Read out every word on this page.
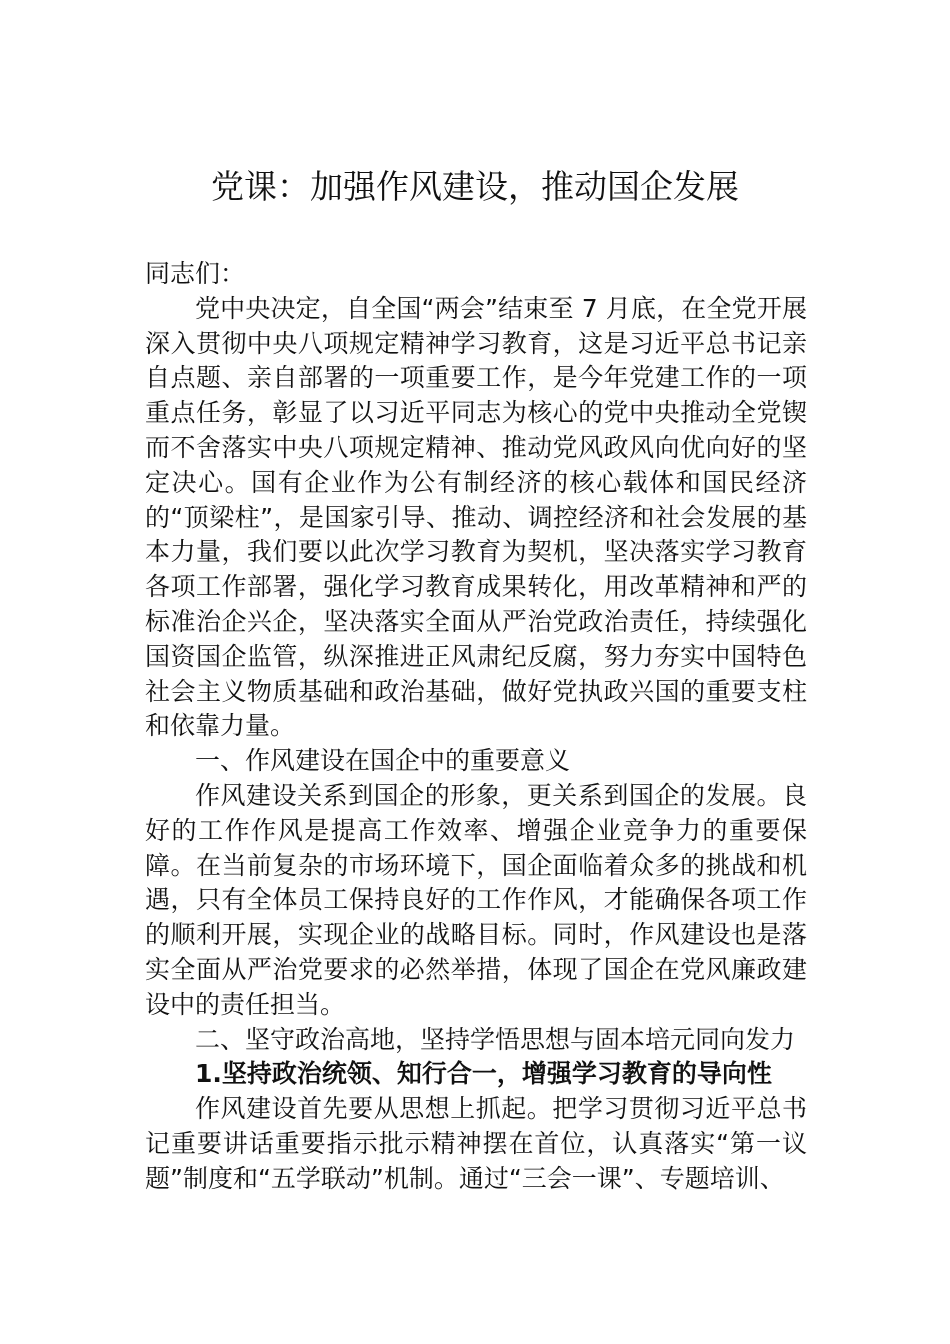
党课：加强作风建设，推动国企发展

同志们：

党中央决定，自全国“两会”结束至 7 月底，在全党开展深入贯彻中央八项规定精神学习教育，这是习近平总书记亲自点题、亲自部署的一项重要工作，是今年党建工作的一项重点任务，彰显了以习近平同志为核心的党中央推动全党锲而不舍落实中央八项规定精神、推动党风政风向优向好的坚定决心。国有企业作为公有制经济的核心载体和国民经济的“顶梁柱”，是国家引导、推动、调控经济和社会发展的基本力量，我们要以此次学习教育为契机，坚决落实学习教育各项工作部署，强化学习教育成果转化，用改革精神和严的标准治企兴企，坚决落实全面从严治党政治责任，持续强化国资国企监管，纵深推进正风肃纪反腐，努力夯实中国特色社会主义物质基础和政治基础，做好党执政兴国的重要支柱和依靠力量。

一、作风建设在国企中的重要意义

作风建设关系到国企的形象，更关系到国企的发展。良好的工作作风是提高工作效率、增强企业竞争力的重要保障。在当前复杂的市场环境下，国企面临着众多的挑战和机遇，只有全体员工保持良好的工作作风，才能确保各项工作的顺利开展，实现企业的战略目标。同时，作风建设也是落实全面从严治党要求的必然举措，体现了国企在党风廉政建设中的责任担当。

二、坚守政治高地，坚持学悟思想与固本培元同向发力

1.坚持政治统领、知行合一，增强学习教育的导向性

作风建设首先要从思想上抓起。把学习贯彻习近平总书记重要讲话重要指示批示精神摆在首位，认真落实“第一议题”制度和“五学联动”机制。通过“三会一课”、专题培训、
